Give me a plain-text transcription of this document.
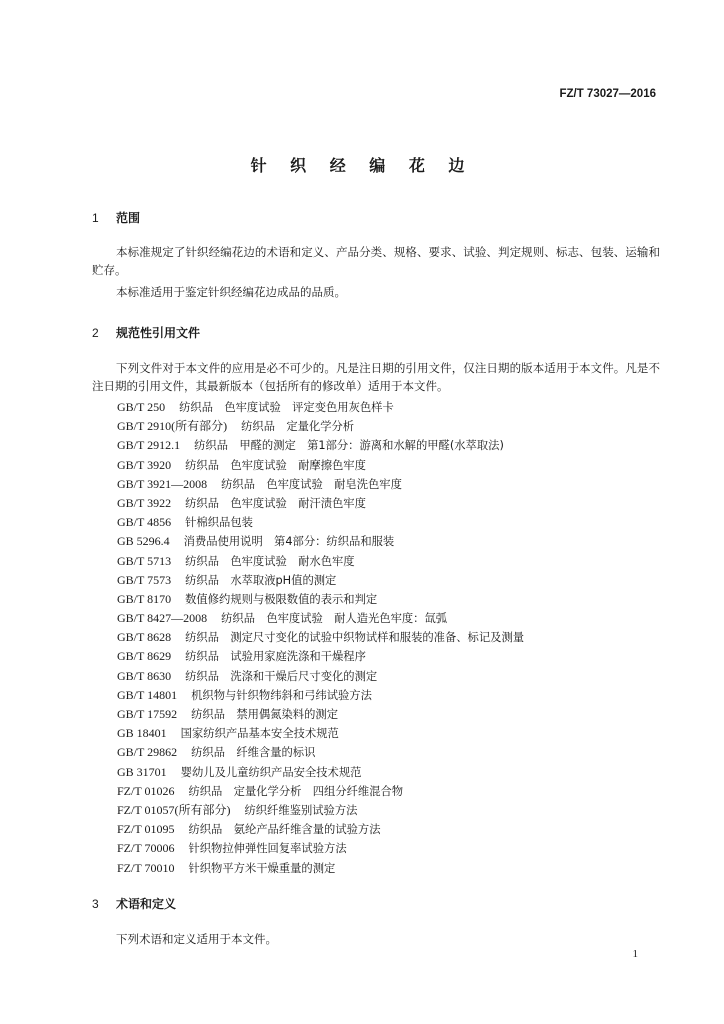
FZ/T 73027—2016
针 织 经 编 花 边
1 范围
本标准规定了针织经编花边的术语和定义、产品分类、规格、要求、试验、判定规则、标志、包装、运输和贮存。
本标准适用于鉴定针织经编花边成品的品质。
2 规范性引用文件
下列文件对于本文件的应用是必不可少的。凡是注日期的引用文件，仅注日期的版本适用于本文件。凡是不注日期的引用文件，其最新版本（包括所有的修改单）适用于本文件。
GB/T 250 纺织品　色牢度试验　评定变色用灰色样卡
GB/T 2910(所有部分) 纺织品　定量化学分析
GB/T 2912.1 纺织品　甲醛的测定　第1部分：游离和水解的甲醛(水萃取法)
GB/T 3920 纺织品　色牢度试验　耐摩擦色牢度
GB/T 3921—2008 纺织品　色牢度试验　耐皂洗色牢度
GB/T 3922 纺织品　色牢度试验　耐汗渍色牢度
GB/T 4856 针棉织品包装
GB 5296.4 消费品使用说明　第4部分：纺织品和服装
GB/T 5713 纺织品　色牢度试验　耐水色牢度
GB/T 7573 纺织品　水萃取液pH值的测定
GB/T 8170 数值修约规则与极限数值的表示和判定
GB/T 8427—2008 纺织品　色牢度试验　耐人造光色牢度：氙弧
GB/T 8628 纺织品　测定尺寸变化的试验中织物试样和服装的准备、标记及测量
GB/T 8629 纺织品　试验用家庭洗涤和干燥程序
GB/T 8630 纺织品　洗涤和干燥后尺寸变化的测定
GB/T 14801 机织物与针织物纬斜和弓纬试验方法
GB/T 17592 纺织品　禁用偶氮染料的测定
GB 18401 国家纺织产品基本安全技术规范
GB/T 29862 纺织品　纤维含量的标识
GB 31701 婴幼儿及儿童纺织产品安全技术规范
FZ/T 01026 纺织品　定量化学分析　四组分纤维混合物
FZ/T 01057(所有部分) 纺织纤维鉴别试验方法
FZ/T 01095 纺织品　氨纶产品纤维含量的试验方法
FZ/T 70006 针织物拉伸弹性回复率试验方法
FZ/T 70010 针织物平方米干燥重量的测定
3 术语和定义
下列术语和定义适用于本文件。
1
